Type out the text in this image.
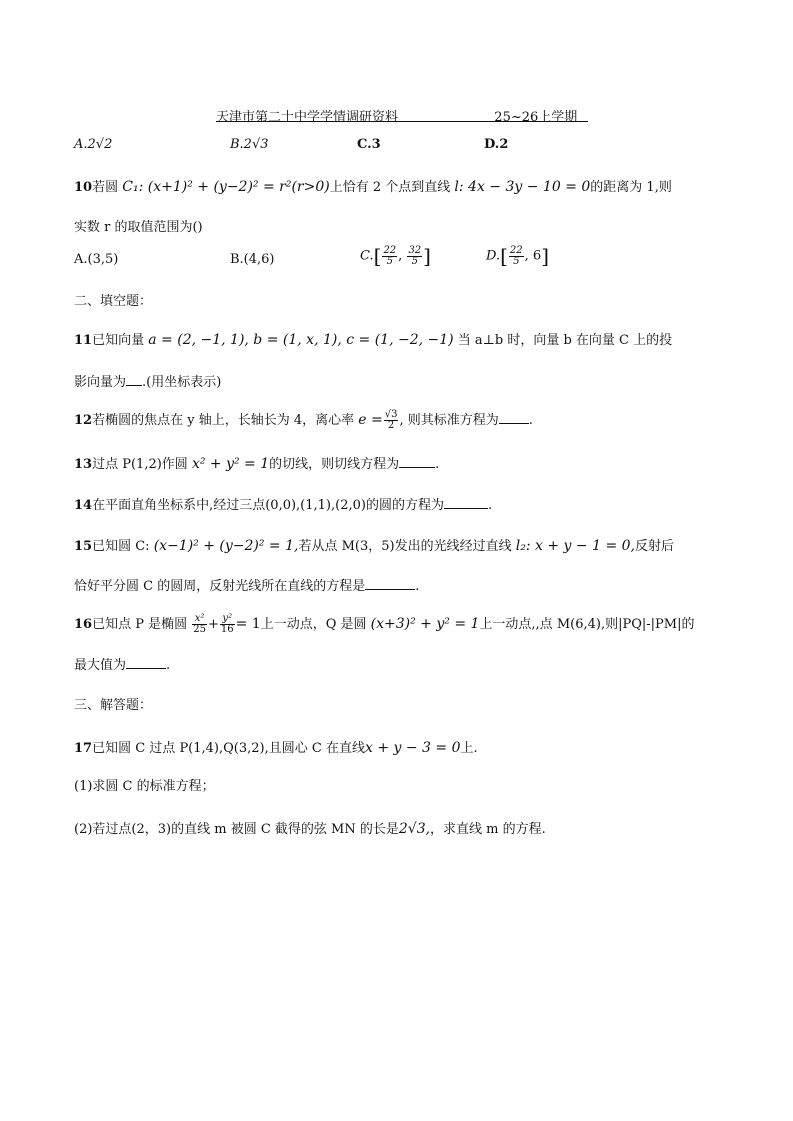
天津市第二十中学学情调研资料	25~26上学期
A.2√2	B.2√3	C.3	D.2
10若圆 C₁: (x+1)² + (y−2)² = r²(r>0)上恰有 2 个点到直线 l: 4x − 3y − 10 = 0的距离为 1,则
实数 r 的取值范围为()
A.(3,5)	B.(4,6)	$C.[ \frac{22}{5}$ , $\frac{32}{5}$ ]	$D.[ \frac{22}{5}$ , 6]
二、填空题：
11已知向量 a = (2, −1, 1), b = (1, x, 1), c = (1, −2, −1) 当 a⊥b 时，向量 b 在向量 C 上的投
影向量为 .(用坐标表示)
12若椭圆的焦点在 y 轴上，长轴长为 4，离心率 $e = \frac{√3}{2}$ , 则其标准方程为 .
13过点 P(1,2)作圆 x² + y² = 1的切线，则切线方程为	.
14在平面直角坐标系中,经过三点(0,0),(1,1),(2,0)的圆的方程为	.
15已知圆 C: (x−1)² + (y−2)² = 1,若从点 M(3，5)发出的光线经过直线 l₂: x + y − 1 = 0,反射后
恰好平分圆 C 的圆周，反射光线所在直线的方程是	.
16已知点 P 是椭圆 $\frac{\text{x²}}{25} + \frac{\text{y²}}{16} = 1$上一动点，Q 是圆 (x+3)² + y² = 1上一动点,,点 M(6,4),则|PQ|-|PM|的
最大值为	.
三、解答题：
17已知圆 C 过点 P(1,4),Q(3,2),且圆心 C 在直线x + y − 3 = 0上.
(1)求圆 C 的标准方程；
(2)若过点(2，3)的直线 m 被圆 C 截得的弦 MN 的长是2√3,，求直线 m 的方程.
